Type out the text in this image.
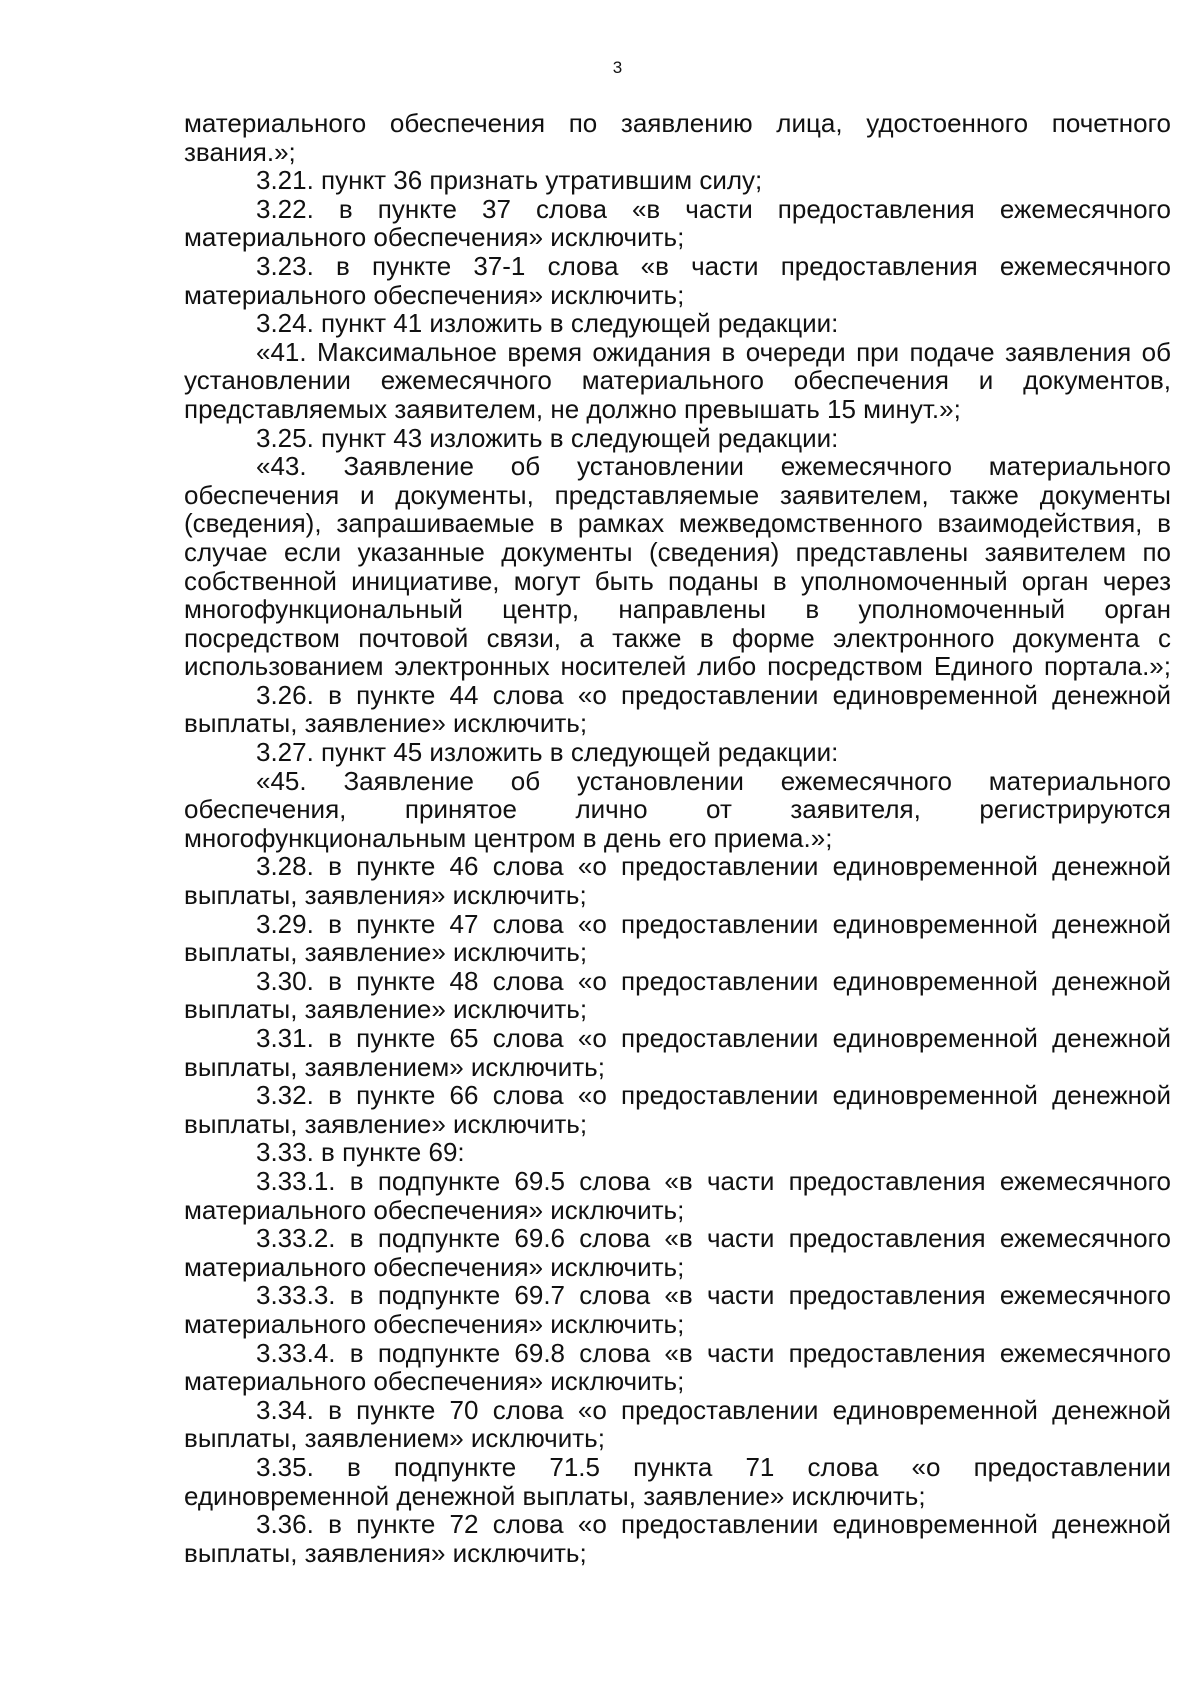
3

материального обеспечения по заявлению лица, удостоенного почетного звания.»;

3.21. пункт 36 признать утратившим силу;

3.22. в пункте 37 слова «в части предоставления ежемесячного материального обеспечения» исключить;

3.23. в пункте 37-1 слова «в части предоставления ежемесячного материального обеспечения» исключить;

3.24. пункт 41 изложить в следующей редакции:

«41. Максимальное время ожидания в очереди при подаче заявления об установлении ежемесячного материального обеспечения и документов, представляемых заявителем, не должно превышать 15 минут.»;

3.25. пункт 43 изложить в следующей редакции:

«43. Заявление об установлении ежемесячного материального обеспечения и документы, представляемые заявителем, также документы (сведения), запрашиваемые в рамках межведомственного взаимодействия, в случае если указанные документы (сведения) представлены заявителем по собственной инициативе, могут быть поданы в уполномоченный орган через многофункциональный центр, направлены в уполномоченный орган посредством почтовой связи, а также в форме электронного документа с использованием электронных носителей либо посредством Единого портала.»;

3.26. в пункте 44 слова «о предоставлении единовременной денежной выплаты, заявление» исключить;

3.27. пункт 45 изложить в следующей редакции:

«45. Заявление об установлении ежемесячного материального обеспечения, принятое лично от заявителя, регистрируются многофункциональным центром в день его приема.»;

3.28. в пункте 46 слова «о предоставлении единовременной денежной выплаты, заявления» исключить;

3.29. в пункте 47 слова «о предоставлении единовременной денежной выплаты, заявление» исключить;

3.30. в пункте 48 слова «о предоставлении единовременной денежной выплаты, заявление» исключить;

3.31. в пункте 65 слова «о предоставлении единовременной денежной выплаты, заявлением» исключить;

3.32. в пункте 66 слова «о предоставлении единовременной денежной выплаты, заявление» исключить;

3.33. в пункте 69:

3.33.1. в подпункте 69.5 слова «в части предоставления ежемесячного материального обеспечения» исключить;

3.33.2. в подпункте 69.6 слова «в части предоставления ежемесячного материального обеспечения» исключить;

3.33.3. в подпункте 69.7 слова «в части предоставления ежемесячного материального обеспечения» исключить;

3.33.4. в подпункте 69.8 слова «в части предоставления ежемесячного материального обеспечения» исключить;

3.34. в пункте 70 слова «о предоставлении единовременной денежной выплаты, заявлением» исключить;

3.35. в подпункте 71.5 пункта 71 слова «о предоставлении единовременной денежной выплаты, заявление» исключить;

3.36. в пункте 72 слова «о предоставлении единовременной денежной выплаты, заявления» исключить;
